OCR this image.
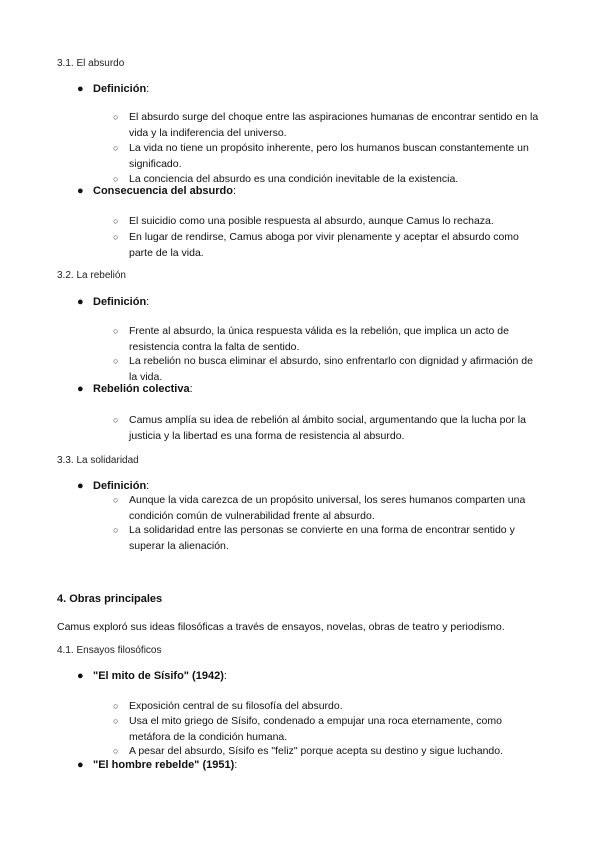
3.1. El absurdo
● Definición:
○ El absurdo surge del choque entre las aspiraciones humanas de encontrar sentido en la vida y la indiferencia del universo.
○ La vida no tiene un propósito inherente, pero los humanos buscan constantemente un significado.
○ La conciencia del absurdo es una condición inevitable de la existencia.
● Consecuencia del absurdo:
○ El suicidio como una posible respuesta al absurdo, aunque Camus lo rechaza.
○ En lugar de rendirse, Camus aboga por vivir plenamente y aceptar el absurdo como parte de la vida.
3.2. La rebelión
● Definición:
○ Frente al absurdo, la única respuesta válida es la rebelión, que implica un acto de resistencia contra la falta de sentido.
○ La rebelión no busca eliminar el absurdo, sino enfrentarlo con dignidad y afirmación de la vida.
● Rebelión colectiva:
○ Camus amplía su idea de rebelión al ámbito social, argumentando que la lucha por la justicia y la libertad es una forma de resistencia al absurdo.
3.3. La solidaridad
● Definición:
○ Aunque la vida carezca de un propósito universal, los seres humanos comparten una condición común de vulnerabilidad frente al absurdo.
○ La solidaridad entre las personas se convierte en una forma de encontrar sentido y superar la alienación.
4. Obras principales
Camus exploró sus ideas filosóficas a través de ensayos, novelas, obras de teatro y periodismo.
4.1. Ensayos filosóficos
● "El mito de Sísifo" (1942):
○ Exposición central de su filosofía del absurdo.
○ Usa el mito griego de Sísifo, condenado a empujar una roca eternamente, como metáfora de la condición humana.
○ A pesar del absurdo, Sísifo es "feliz" porque acepta su destino y sigue luchando.
● "El hombre rebelde" (1951):
